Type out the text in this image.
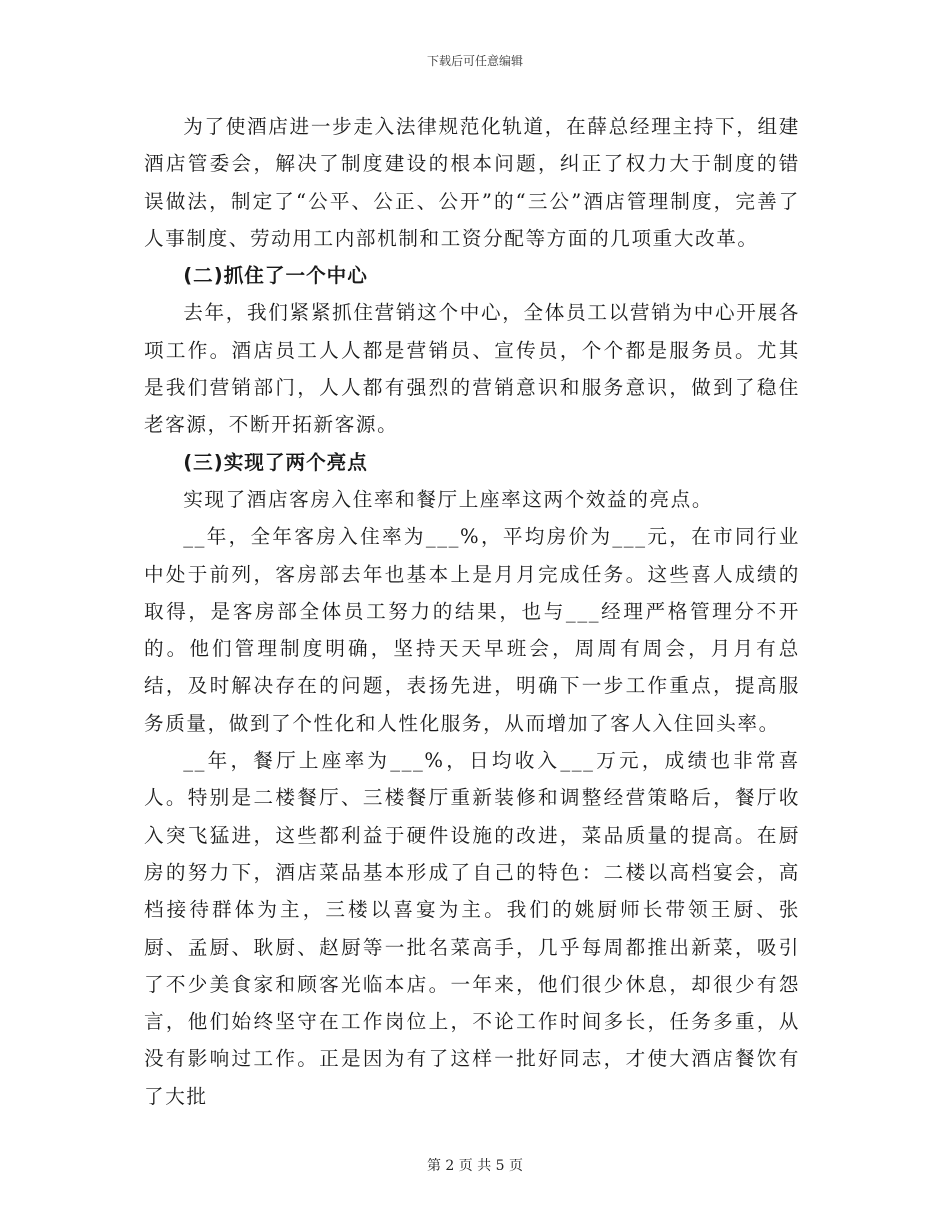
下载后可任意编辑

为了使酒店进一步走入法律规范化轨道，在薛总经理主持下，组建酒店管委会，解决了制度建设的根本问题，纠正了权力大于制度的错误做法，制定了“公平、公正、公开”的“三公”酒店管理制度，完善了人事制度、劳动用工内部机制和工资分配等方面的几项重大改革。

(二)抓住了一个中心

去年，我们紧紧抓住营销这个中心，全体员工以营销为中心开展各项工作。酒店员工人人都是营销员、宣传员，个个都是服务员。尤其是我们营销部门，人人都有强烈的营销意识和服务意识，做到了稳住老客源，不断开拓新客源。

(三)实现了两个亮点

实现了酒店客房入住率和餐厅上座率这两个效益的亮点。

__年，全年客房入住率为___%，平均房价为___元，在市同行业中处于前列，客房部去年也基本上是月月完成任务。这些喜人成绩的取得，是客房部全体员工努力的结果，也与___经理严格管理分不开的。他们管理制度明确，坚持天天早班会，周周有周会，月月有总结，及时解决存在的问题，表扬先进，明确下一步工作重点，提高服务质量，做到了个性化和人性化服务，从而增加了客人入住回头率。

__年，餐厅上座率为___%，日均收入___万元，成绩也非常喜人。特别是二楼餐厅、三楼餐厅重新装修和调整经营策略后，餐厅收入突飞猛进，这些都利益于硬件设施的改进，菜品质量的提高。在厨房的努力下，酒店菜品基本形成了自己的特色：二楼以高档宴会，高档接待群体为主，三楼以喜宴为主。我们的姚厨师长带领王厨、张厨、孟厨、耿厨、赵厨等一批名菜高手，几乎每周都推出新菜，吸引了不少美食家和顾客光临本店。一年来，他们很少休息，却很少有怨言，他们始终坚守在工作岗位上，不论工作时间多长，任务多重，从没有影响过工作。正是因为有了这样一批好同志，才使大酒店餐饮有了大批

第 2 页 共 5 页
